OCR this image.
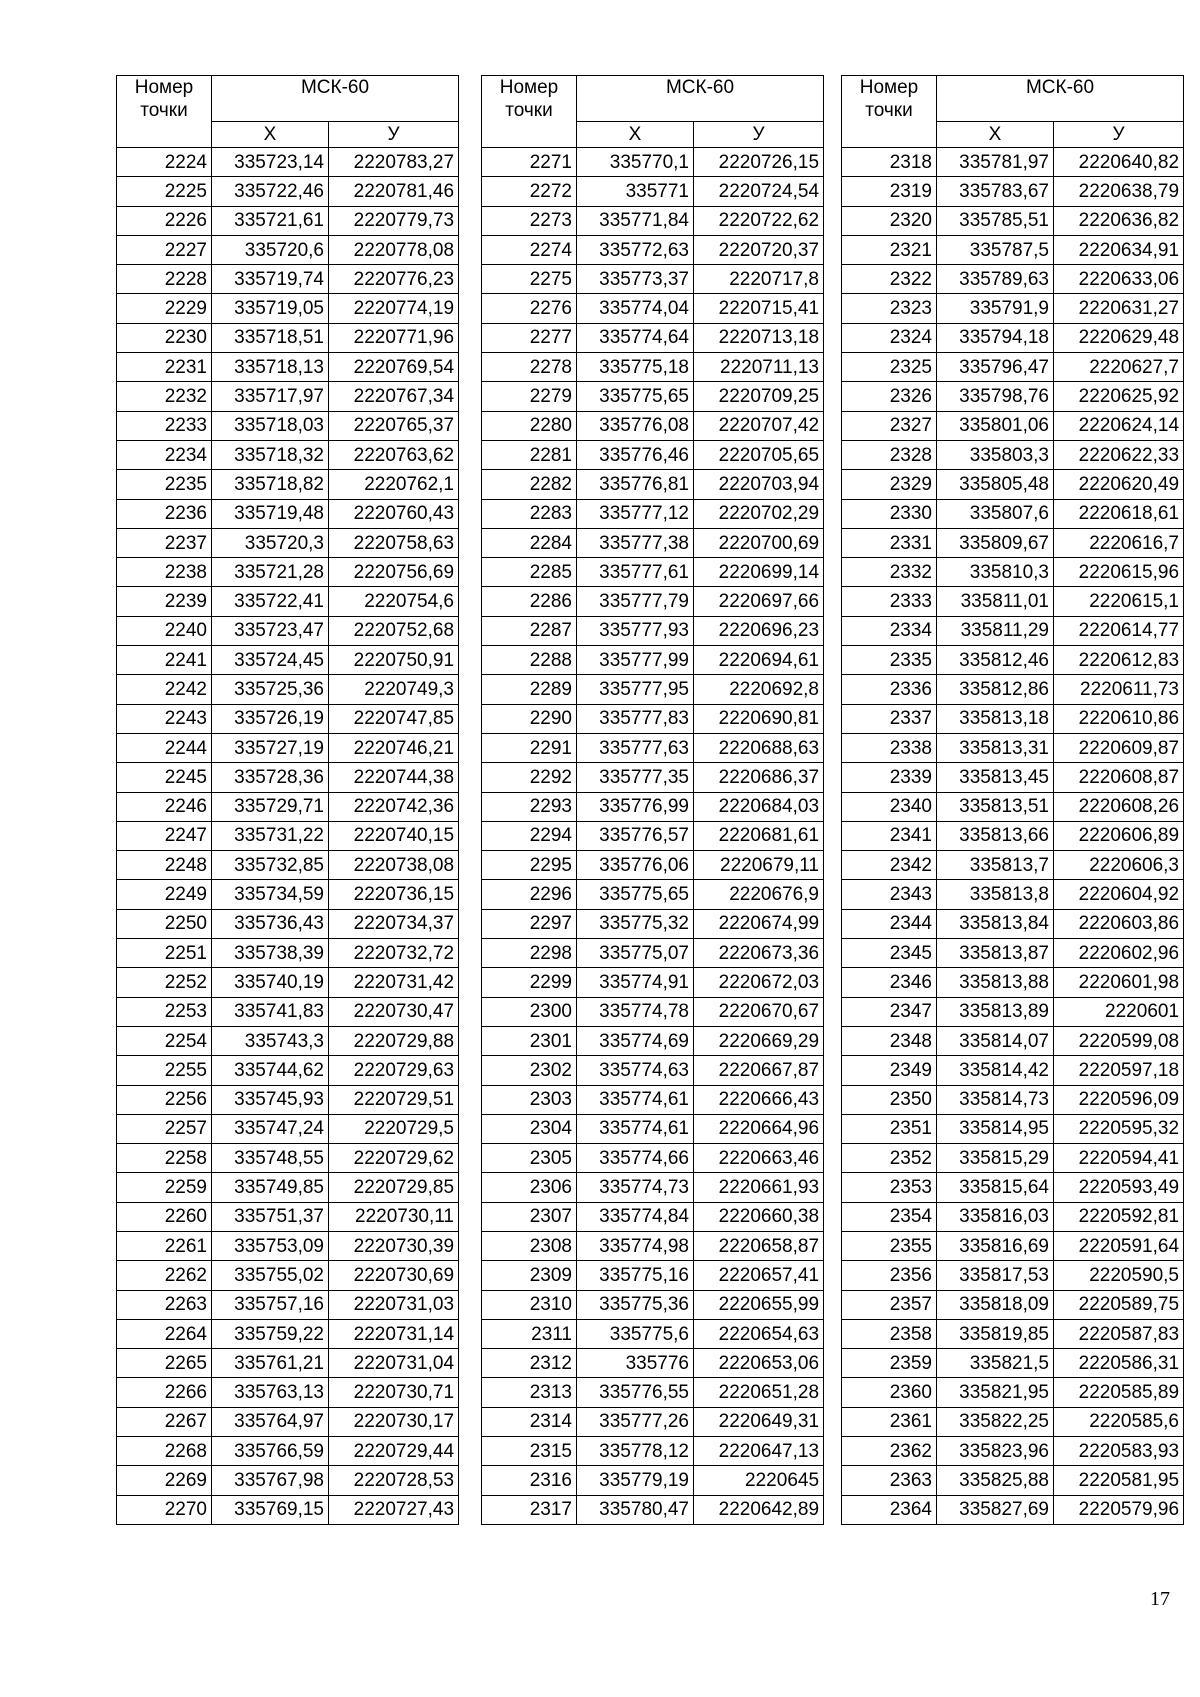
Номер
точки	МСК-60	
	X	У
2224	335723,14	2220783,27
2225	335722,46	2220781,46
2226	335721,61	2220779,73
2227	335720,6	2220778,08
2228	335719,74	2220776,23
2229	335719,05	2220774,19
2230	335718,51	2220771,96
2231	335718,13	2220769,54
2232	335717,97	2220767,34
2233	335718,03	2220765,37
2234	335718,32	2220763,62
2235	335718,82	2220762,1
2236	335719,48	2220760,43
2237	335720,3	2220758,63
2238	335721,28	2220756,69
2239	335722,41	2220754,6
2240	335723,47	2220752,68
2241	335724,45	2220750,91
2242	335725,36	2220749,3
2243	335726,19	2220747,85
2244	335727,19	2220746,21
2245	335728,36	2220744,38
2246	335729,71	2220742,36
2247	335731,22	2220740,15
2248	335732,85	2220738,08
2249	335734,59	2220736,15
2250	335736,43	2220734,37
2251	335738,39	2220732,72
2252	335740,19	2220731,42
2253	335741,83	2220730,47
2254	335743,3	2220729,88
2255	335744,62	2220729,63
2256	335745,93	2220729,51
2257	335747,24	2220729,5
2258	335748,55	2220729,62
2259	335749,85	2220729,85
2260	335751,37	2220730,11
2261	335753,09	2220730,39
2262	335755,02	2220730,69
2263	335757,16	2220731,03
2264	335759,22	2220731,14
2265	335761,21	2220731,04
2266	335763,13	2220730,71
2267	335764,97	2220730,17
2268	335766,59	2220729,44
2269	335767,98	2220728,53
2270	335769,15	2220727,43
Номер
точки	МСК-60	
	X	У
2271	335770,1	2220726,15
2272	335771	2220724,54
2273	335771,84	2220722,62
2274	335772,63	2220720,37
2275	335773,37	2220717,8
2276	335774,04	2220715,41
2277	335774,64	2220713,18
2278	335775,18	2220711,13
2279	335775,65	2220709,25
2280	335776,08	2220707,42
2281	335776,46	2220705,65
2282	335776,81	2220703,94
2283	335777,12	2220702,29
2284	335777,38	2220700,69
2285	335777,61	2220699,14
2286	335777,79	2220697,66
2287	335777,93	2220696,23
2288	335777,99	2220694,61
2289	335777,95	2220692,8
2290	335777,83	2220690,81
2291	335777,63	2220688,63
2292	335777,35	2220686,37
2293	335776,99	2220684,03
2294	335776,57	2220681,61
2295	335776,06	2220679,11
2296	335775,65	2220676,9
2297	335775,32	2220674,99
2298	335775,07	2220673,36
2299	335774,91	2220672,03
2300	335774,78	2220670,67
2301	335774,69	2220669,29
2302	335774,63	2220667,87
2303	335774,61	2220666,43
2304	335774,61	2220664,96
2305	335774,66	2220663,46
2306	335774,73	2220661,93
2307	335774,84	2220660,38
2308	335774,98	2220658,87
2309	335775,16	2220657,41
2310	335775,36	2220655,99
2311	335775,6	2220654,63
2312	335776	2220653,06
2313	335776,55	2220651,28
2314	335777,26	2220649,31
2315	335778,12	2220647,13
2316	335779,19	2220645
2317	335780,47	2220642,89
Номер
точки	МСК-60	
	X	У
2318	335781,97	2220640,82
2319	335783,67	2220638,79
2320	335785,51	2220636,82
2321	335787,5	2220634,91
2322	335789,63	2220633,06
2323	335791,9	2220631,27
2324	335794,18	2220629,48
2325	335796,47	2220627,7
2326	335798,76	2220625,92
2327	335801,06	2220624,14
2328	335803,3	2220622,33
2329	335805,48	2220620,49
2330	335807,6	2220618,61
2331	335809,67	2220616,7
2332	335810,3	2220615,96
2333	335811,01	2220615,1
2334	335811,29	2220614,77
2335	335812,46	2220612,83
2336	335812,86	2220611,73
2337	335813,18	2220610,86
2338	335813,31	2220609,87
2339	335813,45	2220608,87
2340	335813,51	2220608,26
2341	335813,66	2220606,89
2342	335813,7	2220606,3
2343	335813,8	2220604,92
2344	335813,84	2220603,86
2345	335813,87	2220602,96
2346	335813,88	2220601,98
2347	335813,89	2220601
2348	335814,07	2220599,08
2349	335814,42	2220597,18
2350	335814,73	2220596,09
2351	335814,95	2220595,32
2352	335815,29	2220594,41
2353	335815,64	2220593,49
2354	335816,03	2220592,81
2355	335816,69	2220591,64
2356	335817,53	2220590,5
2357	335818,09	2220589,75
2358	335819,85	2220587,83
2359	335821,5	2220586,31
2360	335821,95	2220585,89
2361	335822,25	2220585,6
2362	335823,96	2220583,93
2363	335825,88	2220581,95
2364	335827,69	2220579,96
17
